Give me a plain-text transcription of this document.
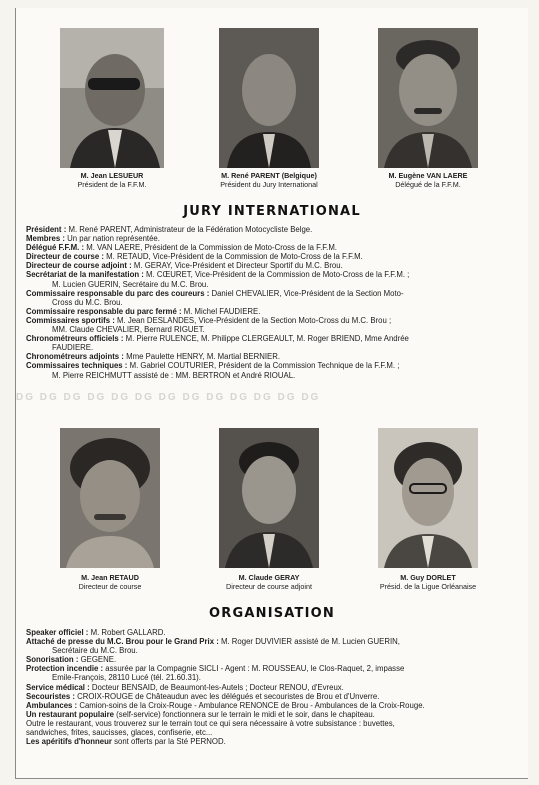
M. Jean LESUEUR
Président de la F.F.M.
M. René PARENT (Belgique)
Président du Jury International
M. Eugène VAN LAERE
Délégué de la F.F.M.
JURY INTERNATIONAL
Président : M. René PARENT, Administrateur de la Fédération Motocycliste Belge.
Membres : Un par nation représentée.
Délégué F.F.M. : M. VAN LAERE, Président de la Commission de Moto-Cross de la F.F.M.
Directeur de course : M. RETAUD, Vice-Président de la Commission de Moto-Cross de la F.F.M.
Directeur de course adjoint : M. GERAY, Vice-Président et Directeur Sportif du M.C. Brou.
Secrétariat de la manifestation : M. CŒURET, Vice-Président de la Commission de Moto-Cross de la F.F.M. ;
M. Lucien GUERIN, Secrétaire du M.C. Brou.
Commissaire responsable du parc des coureurs : Daniel CHEVALIER, Vice-Président de la Section Moto-
Cross du M.C. Brou.
Commissaire responsable du parc fermé : M. Michel FAUDIERE.
Commissaires sportifs : M. Jean DESLANDES, Vice-Président de la Section Moto-Cross du M.C. Brou ;
MM. Claude CHEVALIER, Bernard RIGUET.
Chronométreurs officiels : M. Pierre RULENCE, M. Philippe CLERGEAULT, M. Roger BRIEND, Mme Andrée
FAUDIERE.
Chronométreurs adjoints : Mme Paulette HENRY, M. Martial BERNIER.
Commissaires techniques : M. Gabriel COUTURIER, Président de la Commission Technique de la F.F.M. ;
M. Pierre REICHMUTT assisté de : MM. BERTRON et André RIOUAL.
DG DG DG DG DG DG DG DG DG DG DG DG DG
M. Jean RETAUD
Directeur de course
M. Claude GERAY
Directeur de course adjoint
M. Guy DORLET
Présid. de la Ligue Orléanaise
ORGANISATION
Speaker officiel : M. Robert GALLARD.
Attaché de presse du M.C. Brou pour le Grand Prix : M. Roger DUVIVIER assisté de M. Lucien GUERIN,
Secrétaire du M.C. Brou.
Sonorisation : GEGENE.
Protection incendie : assurée par la Compagnie SICLI - Agent : M. ROUSSEAU, le Clos-Raquet, 2, impasse
Emile-François, 28110 Lucé (tél. 21.60.31).
Service médical : Docteur BENSAID, de Beaumont-les-Autels ; Docteur RENOU, d'Evreux.
Secouristes : CROIX-ROUGE de Châteaudun avec les délégués et secouristes de Brou et d'Unverre.
Ambulances : Camion-soins de la Croix-Rouge - Ambulance RENONCE de Brou - Ambulances de la Croix-Rouge.
Un restaurant populaire (self-service) fonctionnera sur le terrain le midi et le soir, dans le chapiteau.
Outre le restaurant, vous trouverez sur le terrain tout ce qui sera nécessaire à votre subsistance : buvettes,
sandwiches, frites, saucisses, glaces, confiserie, etc...
Les apéritifs d'honneur sont offerts par la Sté PERNOD.
